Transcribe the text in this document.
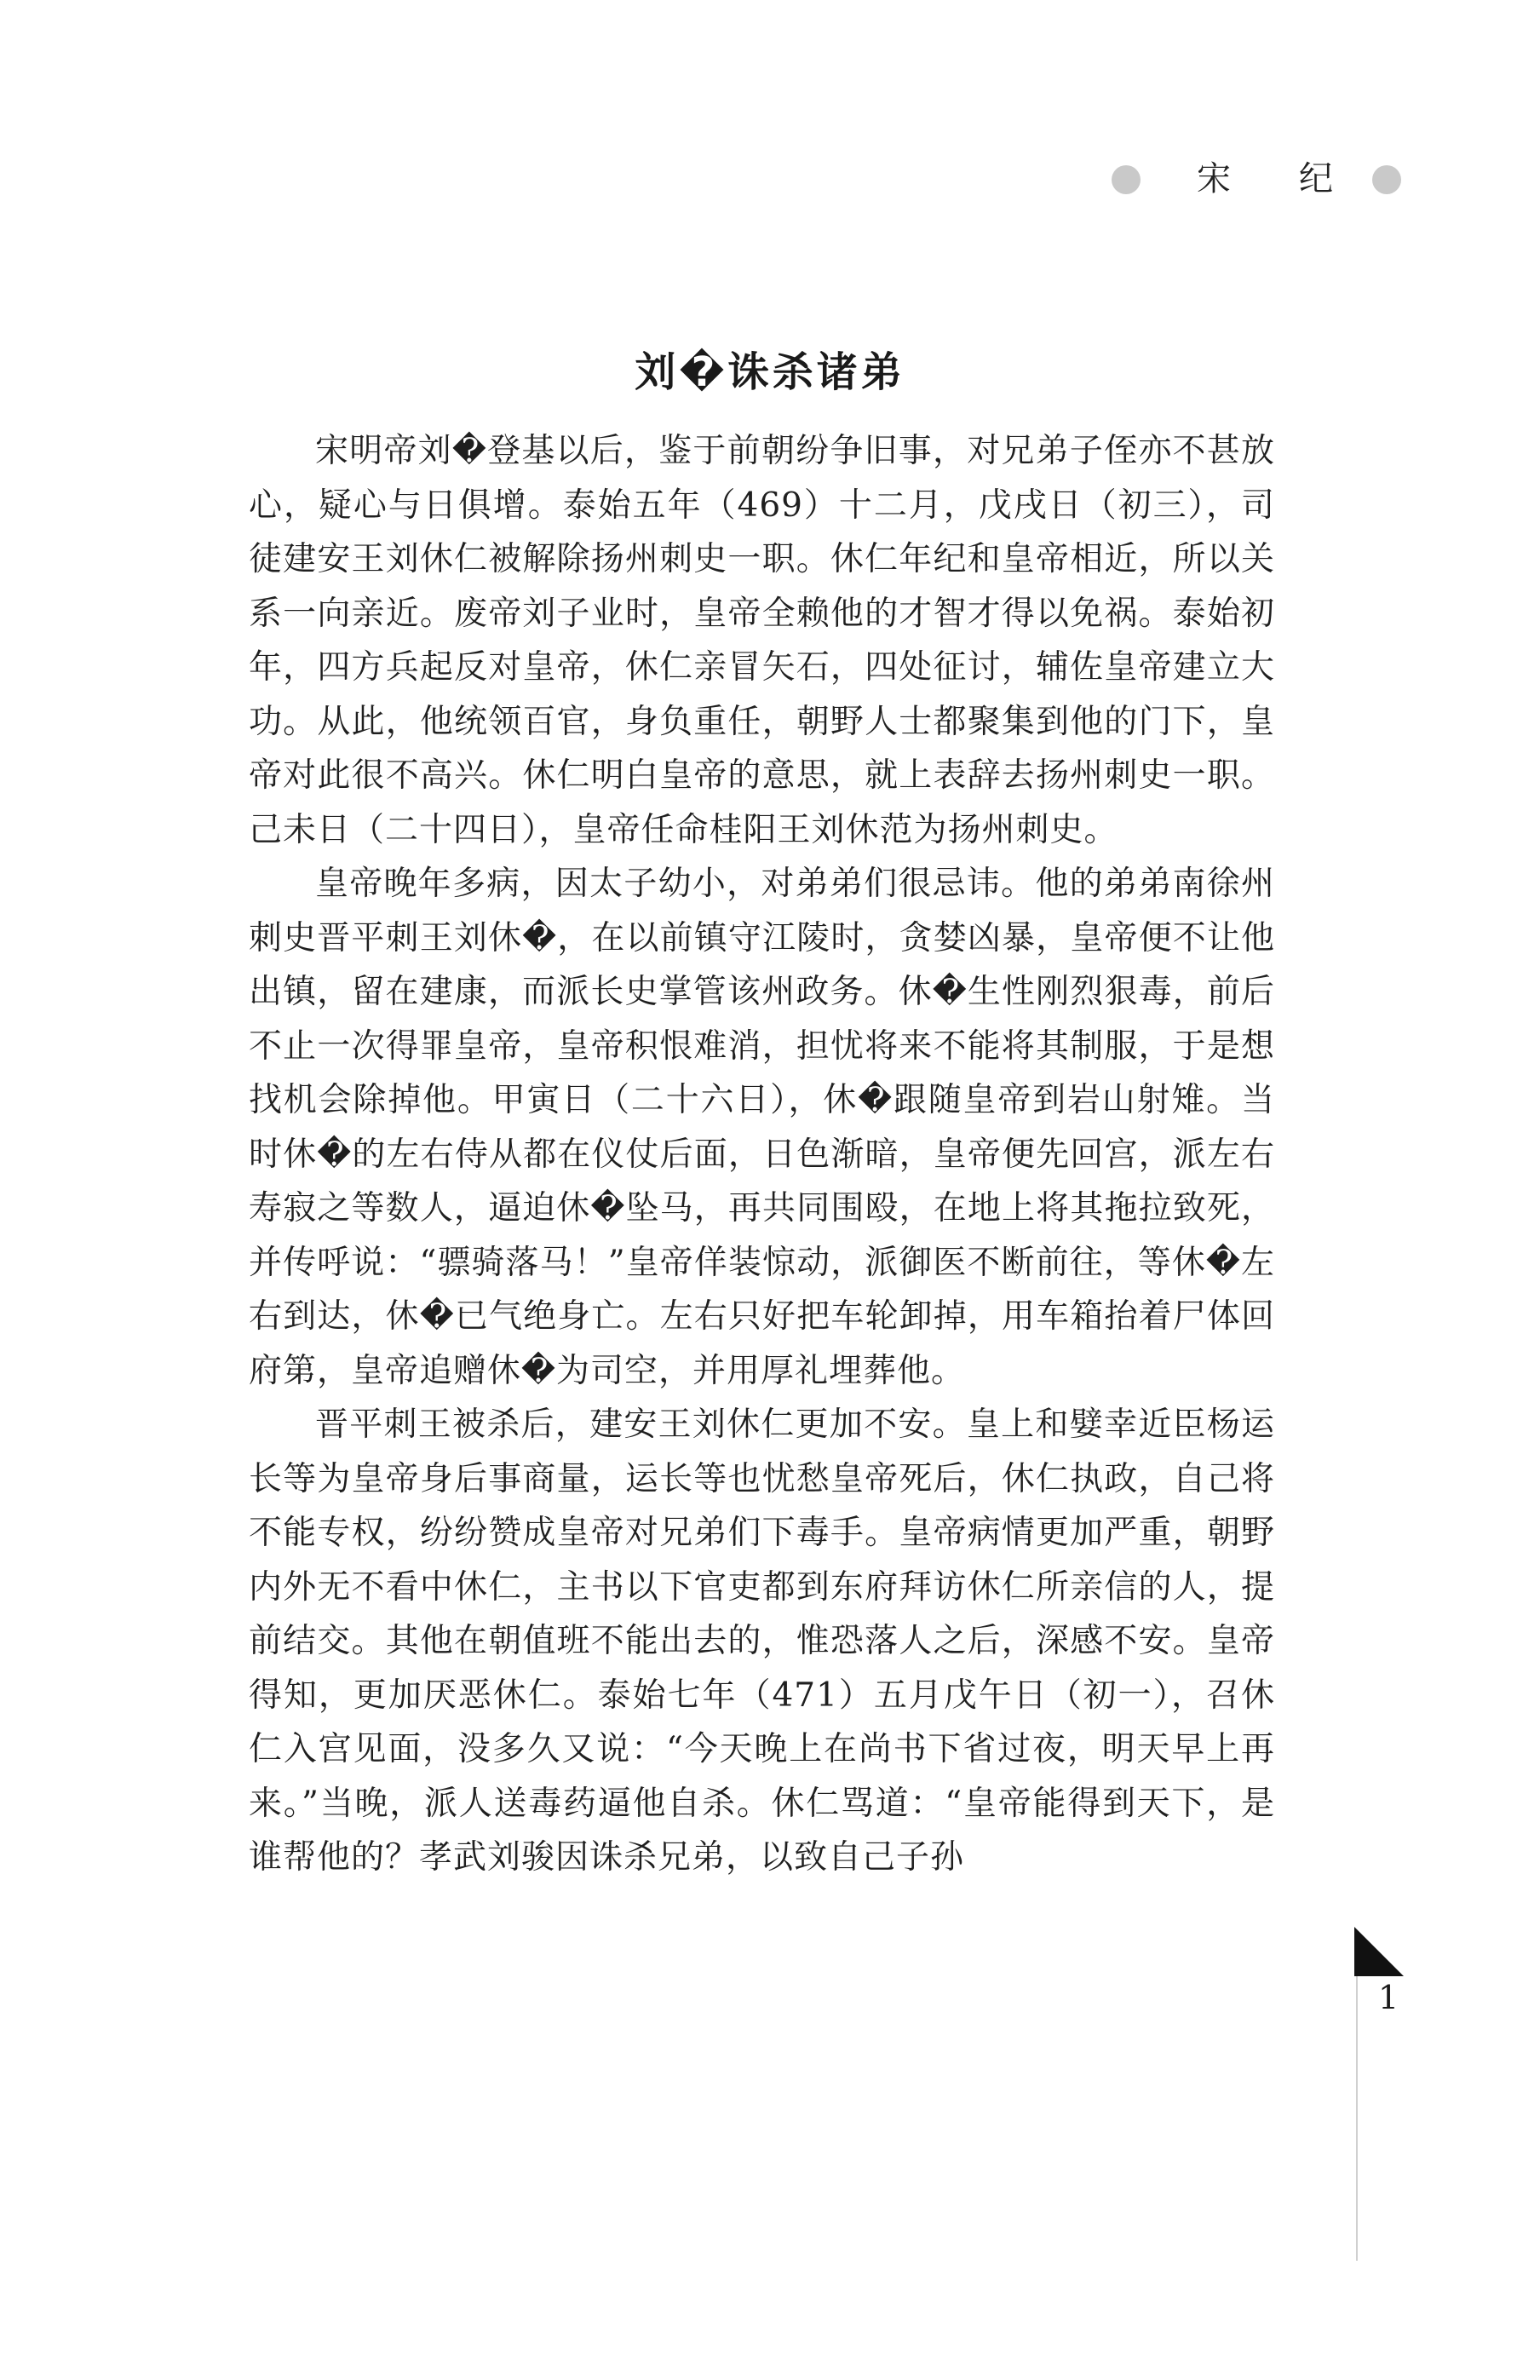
宋 纪
刘�诛杀诸弟

宋明帝刘�登基以后，鉴于前朝纷争旧事，对兄弟子侄亦不甚放心，疑心与日俱增。泰始五年（469）十二月，戊戌日（初三），司徒建安王刘休仁被解除扬州刺史一职。休仁年纪和皇帝相近，所以关系一向亲近。废帝刘子业时，皇帝全赖他的才智才得以免祸。泰始初年，四方兵起反对皇帝，休仁亲冒矢石，四处征讨，辅佐皇帝建立大功。从此，他统领百官，身负重任，朝野人士都聚集到他的门下，皇帝对此很不高兴。休仁明白皇帝的意思，就上表辞去扬州刺史一职。己未日（二十四日），皇帝任命桂阳王刘休范为扬州刺史。

皇帝晚年多病，因太子幼小，对弟弟们很忌讳。他的弟弟南徐州刺史晋平刺王刘休�，在以前镇守江陵时，贪婪凶暴，皇帝便不让他出镇，留在建康，而派长史掌管该州政务。休�生性刚烈狠毒，前后不止一次得罪皇帝，皇帝积恨难消，担忧将来不能将其制服，于是想找机会除掉他。甲寅日（二十六日），休�跟随皇帝到岩山射雉。当时休�的左右侍从都在仪仗后面，日色渐暗，皇帝便先回宫，派左右寿寂之等数人，逼迫休�坠马，再共同围殴，在地上将其拖拉致死，并传呼说：“骠骑落马！”皇帝佯装惊动，派御医不断前往，等休�左右到达，休�已气绝身亡。左右只好把车轮卸掉，用车箱抬着尸体回府第，皇帝追赠休�为司空，并用厚礼埋葬他。

晋平刺王被杀后，建安王刘休仁更加不安。皇上和嬖幸近臣杨运长等为皇帝身后事商量，运长等也忧愁皇帝死后，休仁执政，自己将不能专权，纷纷赞成皇帝对兄弟们下毒手。皇帝病情更加严重，朝野内外无不看中休仁，主书以下官吏都到东府拜访休仁所亲信的人，提前结交。其他在朝值班不能出去的，惟恐落人之后，深感不安。皇帝得知，更加厌恶休仁。泰始七年（471）五月戊午日（初一），召休仁入宫见面，没多久又说：“今天晚上在尚书下省过夜，明天早上再来。”当晚，派人送毒药逼他自杀。休仁骂道：“皇帝能得到天下，是谁帮他的？孝武刘骏因诛杀兄弟，以致自己子孙

1
